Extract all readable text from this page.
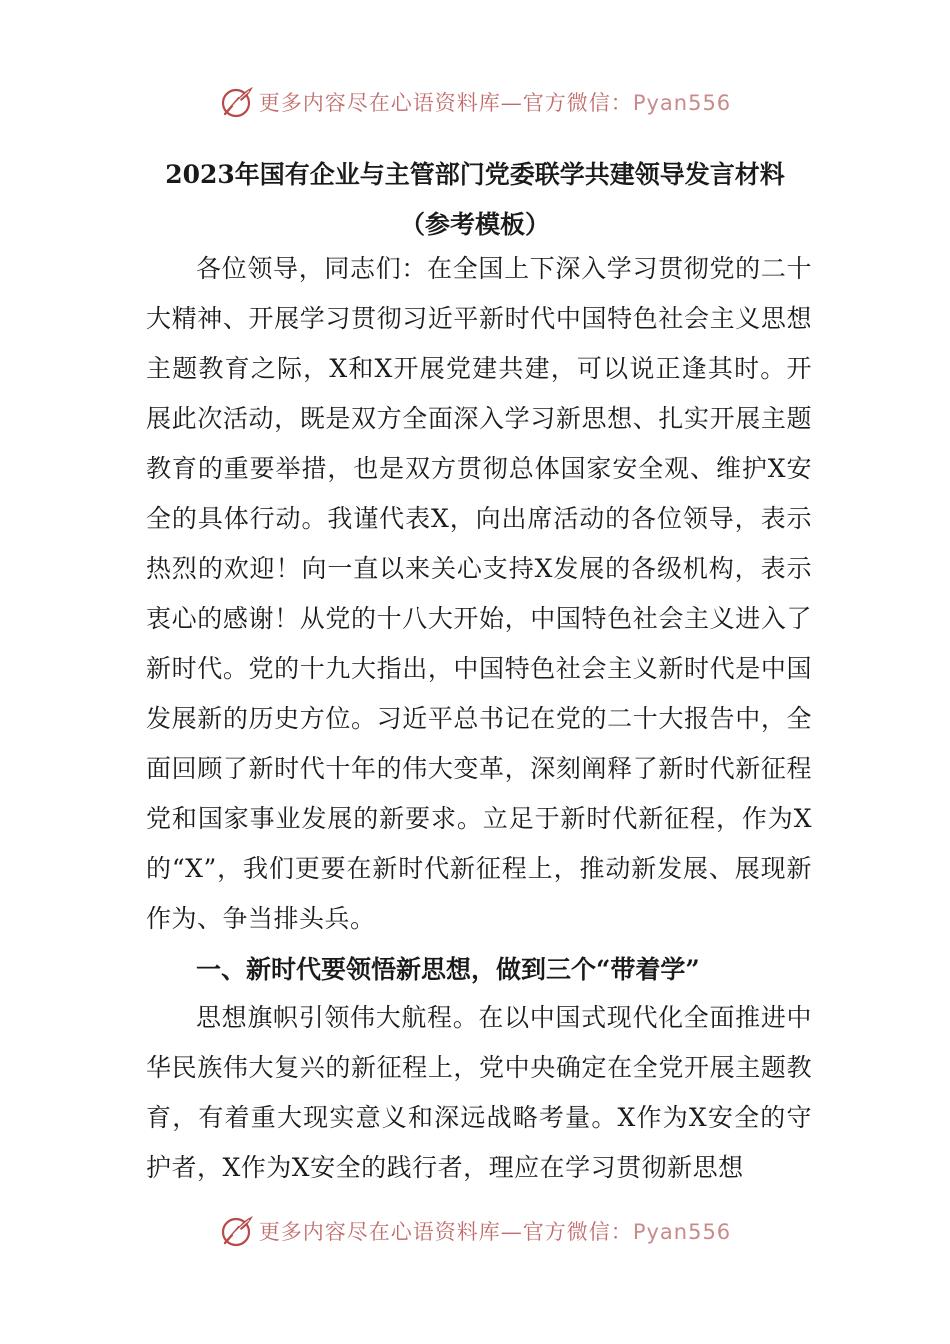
更多内容尽在心语资料库—官方微信：Pyan556
2023年国有企业与主管部门党委联学共建领导发言材料
（参考模板）

各位领导，同志们：在全国上下深入学习贯彻党的二十大精神、开展学习贯彻习近平新时代中国特色社会主义思想主题教育之际，X和X开展党建共建，可以说正逢其时。开展此次活动，既是双方全面深入学习新思想、扎实开展主题教育的重要举措，也是双方贯彻总体国家安全观、维护X安全的具体行动。我谨代表X，向出席活动的各位领导，表示热烈的欢迎！向一直以来关心支持X发展的各级机构，表示衷心的感谢！从党的十八大开始，中国特色社会主义进入了新时代。党的十九大指出，中国特色社会主义新时代是中国发展新的历史方位。习近平总书记在党的二十大报告中，全面回顾了新时代十年的伟大变革，深刻阐释了新时代新征程党和国家事业发展的新要求。立足于新时代新征程，作为X的“X”，我们更要在新时代新征程上，推动新发展、展现新作为、争当排头兵。

一、新时代要领悟新思想，做到三个“带着学”

思想旗帜引领伟大航程。在以中国式现代化全面推进中华民族伟大复兴的新征程上，党中央确定在全党开展主题教育，有着重大现实意义和深远战略考量。X作为X安全的守护者，X作为X安全的践行者，理应在学习贯彻新思想

更多内容尽在心语资料库—官方微信：Pyan556
